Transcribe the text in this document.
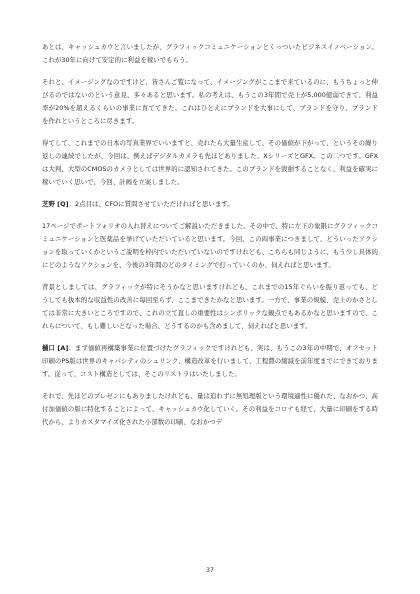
あとは、キャッシュカウと言いましたが、グラフィックコミュニケーションとくっついたビジネスイノベーション。これが30年に向けて安定的に利益を稼いでもらう。

それと、イメージングなのですけど、皆さんご覧になって、イメージングがここまで来ているのに、もうちょっと伸びるのではないのという意見、多々あると思います。私の考えは、もうこの3年間で売上が5,000億弱できて、利益率が20%を超えるくらいの事業に育ててきた。これはひとえにブランドを大事にして、ブランドを守り、ブランドを作れというところに尽きます。

得てして、これまでの日本の写真業界でいいますと、売れたら大量生産して、その価値が下がって、というその繰り返しの連続でしたが、今回は、例えばデジタルカメラも先ほどありました、XシリーズとGFX。この二つです。GFXは大判、大型のCMOSのカメラとしては世界的に認知されてきた。このブランドを毀損することなく、利益を確実に稼いでいく思いで、今回、計画を立案しました。

芝野 [Q]：2点目は、CFOに質問させていただければと思います。

17ページでポートフォリオの入れ替えについてご解説いただきました。その中で、特に左下の象限にグラフィックコミュニケーションと医薬品を挙げていただいていると思います。今回、この両事業につきまして、どういったアクションを取っていくかというご説明を枠内でいただいていないのですけれども、こちらも同じように、もう少し具体的にどのようなアクションを、今後の3年間のどのタイミングで打っていくのか、伺えればと思います。

背景としましては、グラフィックが特にそうかなと思いますけれども、これまでの15年ぐらいを振り返っても、どうしても抜本的な収益性の改善に毎回至らず、ここまできたかなと思います。一方で、事業の規模、売上のかさとしては非常に大きいところですので、これの立て直しの重要性はシンボリックな観点でもあるかなと思いますので、これらについて、もし難しいとなった場合、どうするのかも含めまして、伺えればと思います。

樋口 [A]：まず価値再構築事業に位置づけたグラフィックですけれども、実は、もうこの3年の中期で、オフセット印刷のPS版は世界のキャパシティのシュリンク、構造改革を行いまして、工程費の縮減を前年度までにできております。従って、コスト構造としては、そこのリストラはいたしました。

それで、先ほどのプレゼンにもありましたけれども、量は追わずに無処理版という環境適性に優れた、なおかつ、高付加価値の版に特化することによって、キャッシュカウ化していく。その利益をコロナも経て、大量に印刷をする時代から、よりカスタマイズ化された小部数の印刷、なおかつデ

37
